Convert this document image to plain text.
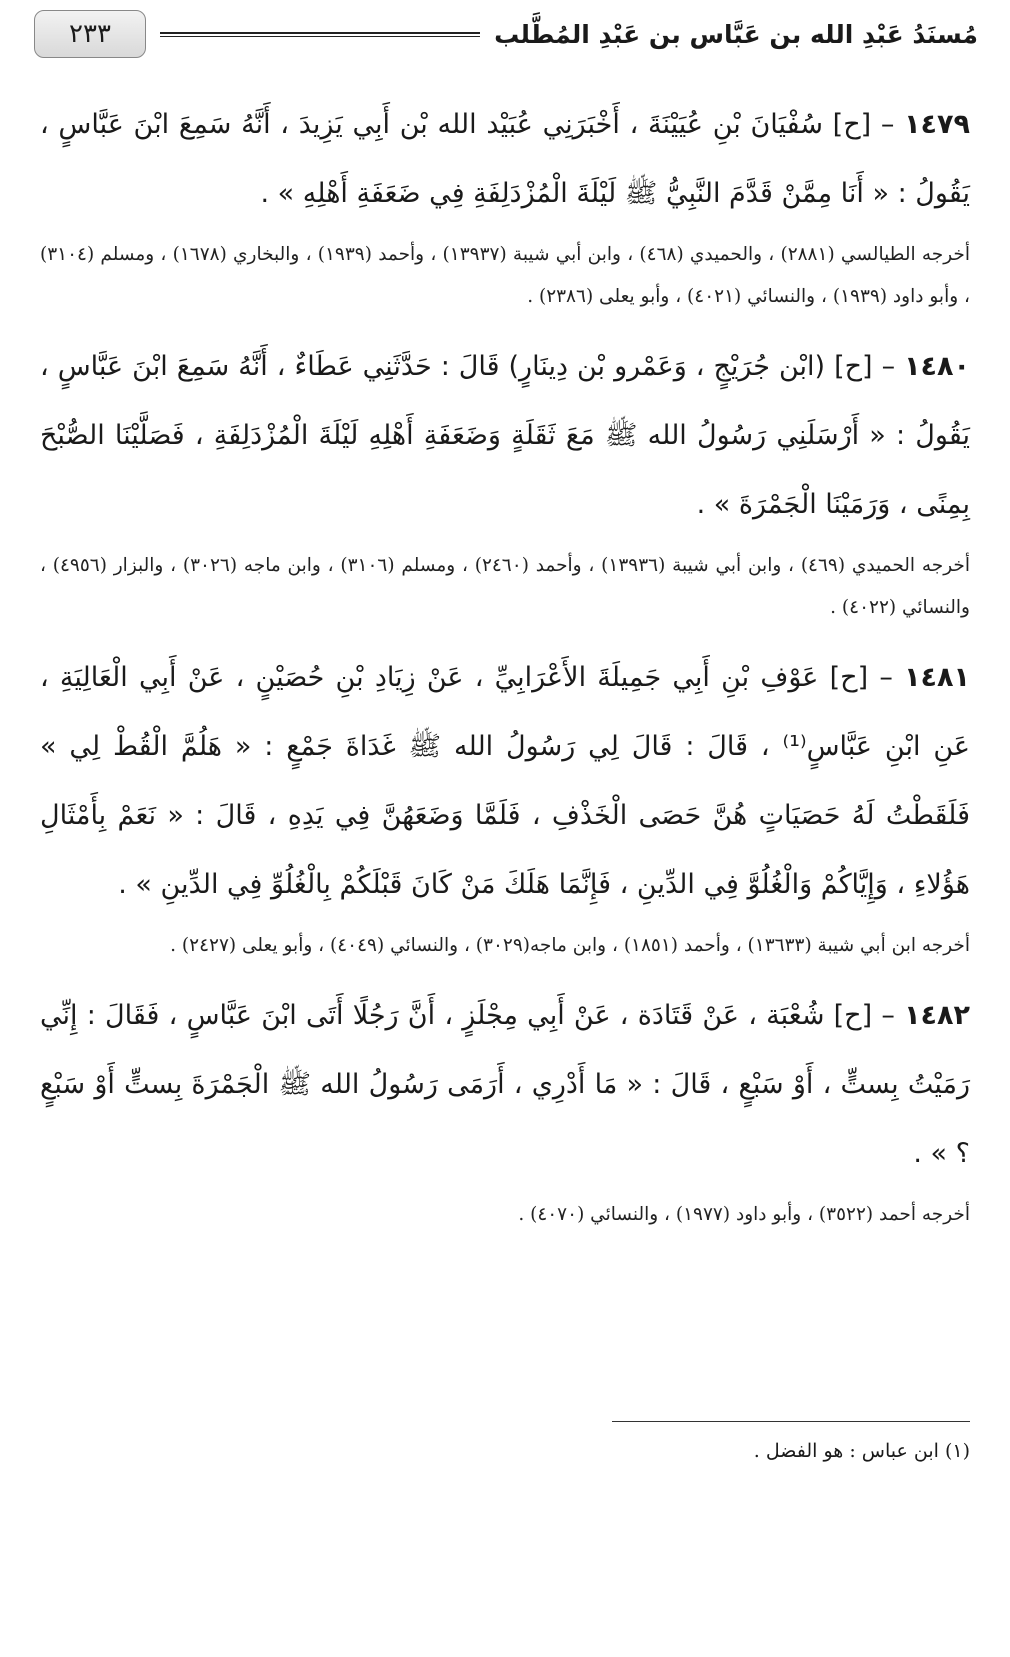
مُسنَدُ عَبْدِ الله بن عَبَّاس بن عَبْدِ المُطَّلب
٢٣٣

١٤٧٩ – [ح] سُفْيَانَ بْنِ عُيَيْنَةَ ، أَخْبَرَنِي عُبَيْد الله بْن أَبِي يَزِيدَ ، أَنَّهُ سَمِعَ ابْنَ عَبَّاسٍ ، يَقُولُ : « أَنَا مِمَّنْ قَدَّمَ النَّبِيُّ ﷺ لَيْلَةَ الْمُزْدَلِفَةِ فِي ضَعَفَةِ أَهْلِهِ » .

أخرجه الطيالسي (٢٨٨١) ، والحميدي (٤٦٨) ، وابن أبي شيبة (١٣٩٣٧) ، وأحمد (١٩٣٩) ، والبخاري (١٦٧٨) ، ومسلم (٣١٠٤) ، وأبو داود (١٩٣٩) ، والنسائي (٤٠٢١) ، وأبو يعلى (٢٣٨٦) .

١٤٨٠ – [ح] (ابْن جُرَيْجٍ ، وَعَمْرو بْن دِينَارٍ) قَالَ : حَدَّثَنِي عَطَاءٌ ، أَنَّهُ سَمِعَ ابْنَ عَبَّاسٍ ، يَقُولُ : « أَرْسَلَنِي رَسُولُ الله ﷺ مَعَ ثَقَلَةٍ وَضَعَفَةِ أَهْلِهِ لَيْلَةَ الْمُزْدَلِفَةِ ، فَصَلَّيْنَا الصُّبْحَ بِمِنًى ، وَرَمَيْنَا الْجَمْرَةَ » .

أخرجه الحميدي (٤٦٩) ، وابن أبي شيبة (١٣٩٣٦) ، وأحمد (٢٤٦٠) ، ومسلم (٣١٠٦) ، وابن ماجه (٣٠٢٦) ، والبزار (٤٩٥٦) ، والنسائي (٤٠٢٢) .

١٤٨١ – [ح] عَوْفِ بْنِ أَبِي جَمِيلَةَ الأَعْرَابِيِّ ، عَنْ زِيَادِ بْنِ حُصَيْنٍ ، عَنْ أَبِي الْعَالِيَةِ ، عَنِ ابْنِ عَبَّاسٍ⁽¹⁾ ، قَالَ : قَالَ لِي رَسُولُ الله ﷺ غَدَاةَ جَمْعٍ : « هَلُمَّ الْقُطْ لِي » فَلَقَطْتُ لَهُ حَصَيَاتٍ هُنَّ حَصَى الْخَذْفِ ، فَلَمَّا وَضَعَهُنَّ فِي يَدِهِ ، قَالَ : « نَعَمْ بِأَمْثَالِ هَؤُلاءِ ، وَإِيَّاكُمْ وَالْغُلُوَّ فِي الدِّينِ ، فَإِنَّمَا هَلَكَ مَنْ كَانَ قَبْلَكُمْ بِالْغُلُوِّ فِي الدِّينِ » .

أخرجه ابن أبي شيبة (١٣٦٣٣) ، وأحمد (١٨٥١) ، وابن ماجه(٣٠٢٩) ، والنسائي (٤٠٤٩) ، وأبو يعلى (٢٤٢٧) .

١٤٨٢ – [ح] شُعْبَة ، عَنْ قَتَادَة ، عَنْ أَبِي مِجْلَزٍ ، أَنَّ رَجُلًا أَتَى ابْنَ عَبَّاسٍ ، فَقَالَ : إِنِّي رَمَيْتُ بِستٍّ ، أَوْ سَبْعٍ ، قَالَ : « مَا أَدْرِي ، أَرَمَى رَسُولُ الله ﷺ الْجَمْرَةَ بِستٍّ أَوْ سَبْعٍ ؟ » .

أخرجه أحمد (٣٥٢٢) ، وأبو داود (١٩٧٧) ، والنسائي (٤٠٧٠) .

(١) ابن عباس : هو الفضل .
